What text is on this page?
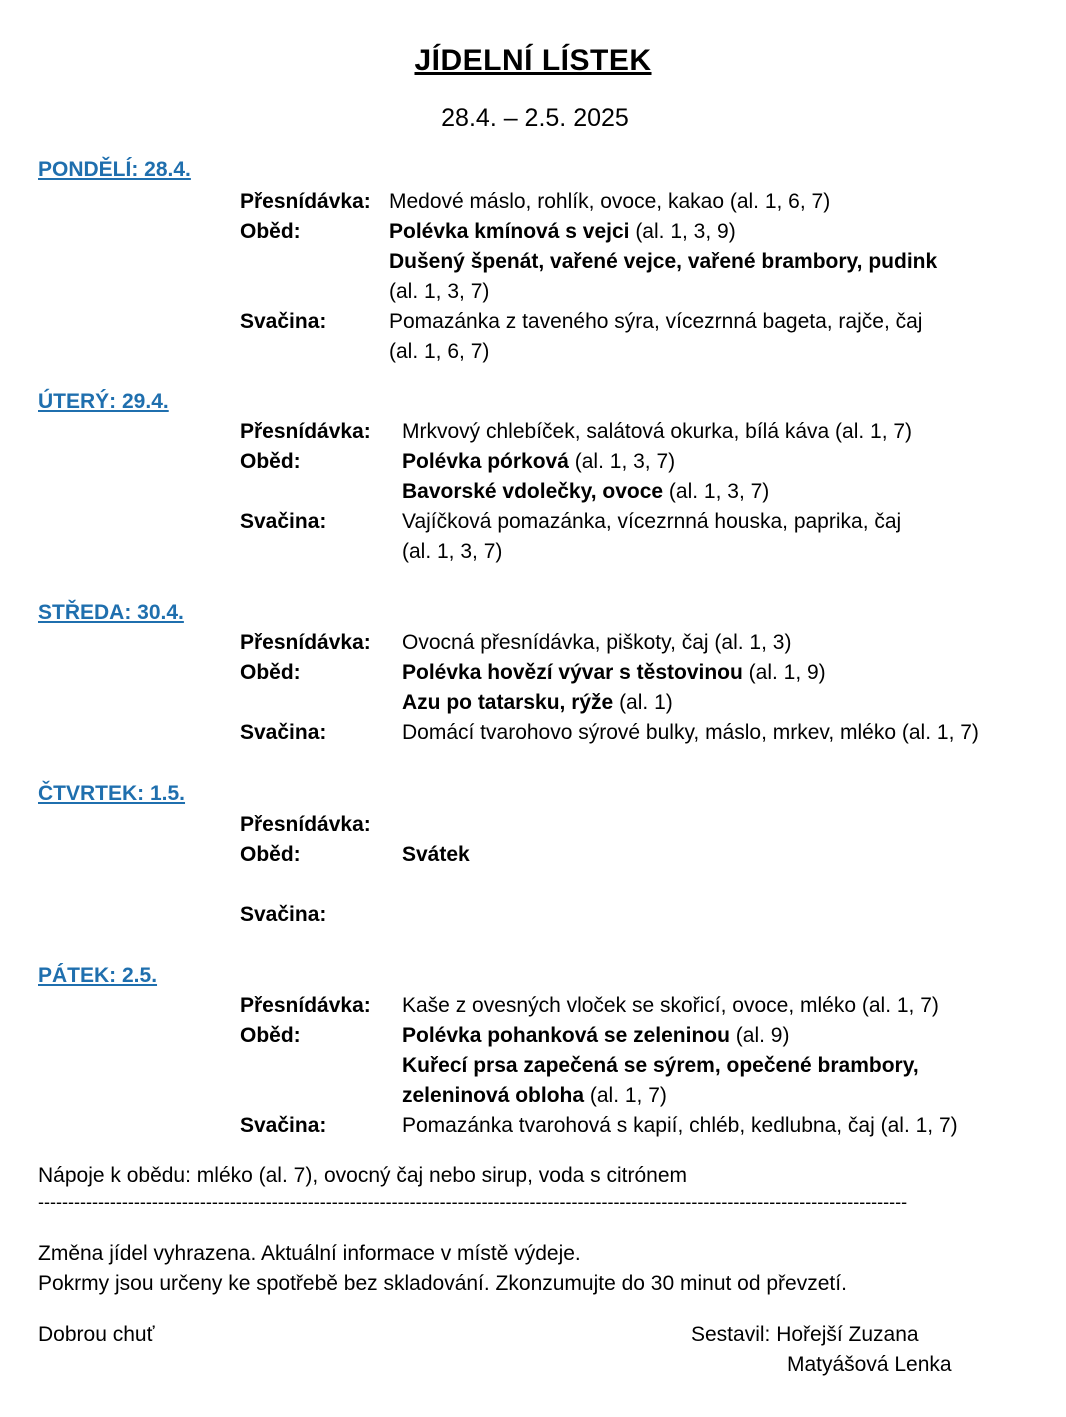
JÍDELNÍ LÍSTEK
28.4. – 2.5. 2025
PONDĚLÍ: 28.4.
Přesnídávka: Medové máslo, rohlík, ovoce, kakao (al. 1, 6, 7)
Oběd:	Polévka kmínová s vejci (al. 1, 3, 9)
Dušený špenát, vařené vejce, vařené brambory, pudink
(al. 1, 3, 7)
Svačina:	Pomazánka z taveného sýra, vícezrnná bageta, rajče, čaj
(al. 1, 6, 7)
ÚTERÝ: 29.4.
Přesnídávka: Mrkvový chlebíček, salátová okurka, bílá káva (al. 1, 7)
Oběd:	Polévka pórková (al. 1, 3, 7)
Bavorské vdolečky, ovoce (al. 1, 3, 7)
Svačina:	Vajíčková pomazánka, vícezrnná houska, paprika, čaj
(al. 1, 3, 7)
STŘEDA: 30.4.
Přesnídávka: Ovocná přesnídávka, piškoty, čaj (al. 1, 3)
Oběd:	Polévka hovězí vývar s těstovinou (al. 1, 9)
Azu po tatarsku, rýže (al. 1)
Svačina:	Domácí tvarohovo sýrové bulky, máslo, mrkev, mléko (al. 1, 7)
ČTVRTEK: 1.5.
Přesnídávka:
Oběd:	Svátek
Svačina:
PÁTEK: 2.5.
Přesnídávka: Kaše z ovesných vloček se skořicí, ovoce, mléko (al. 1, 7)
Oběd:	Polévka pohanková se zeleninou (al. 9)
Kuřecí prsa zapečená se sýrem, opečené brambory,
zeleninová obloha (al. 1, 7)
Svačina:	Pomazánka tvarohová s kapií, chléb, kedlubna, čaj (al. 1, 7)
Nápoje k obědu: mléko (al. 7), ovocný čaj nebo sirup, voda s citrónem
-------------------------------------------------------------------------------------------------------------------------------------------------
Změna jídel vyhrazena. Aktuální informace v místě výdeje.
Pokrmy jsou určeny ke spotřebě bez skladování. Zkonzumujte do 30 minut od převzetí.
Dobrou chuť	Sestavil: Hořejší Zuzana
Matyášová Lenka
